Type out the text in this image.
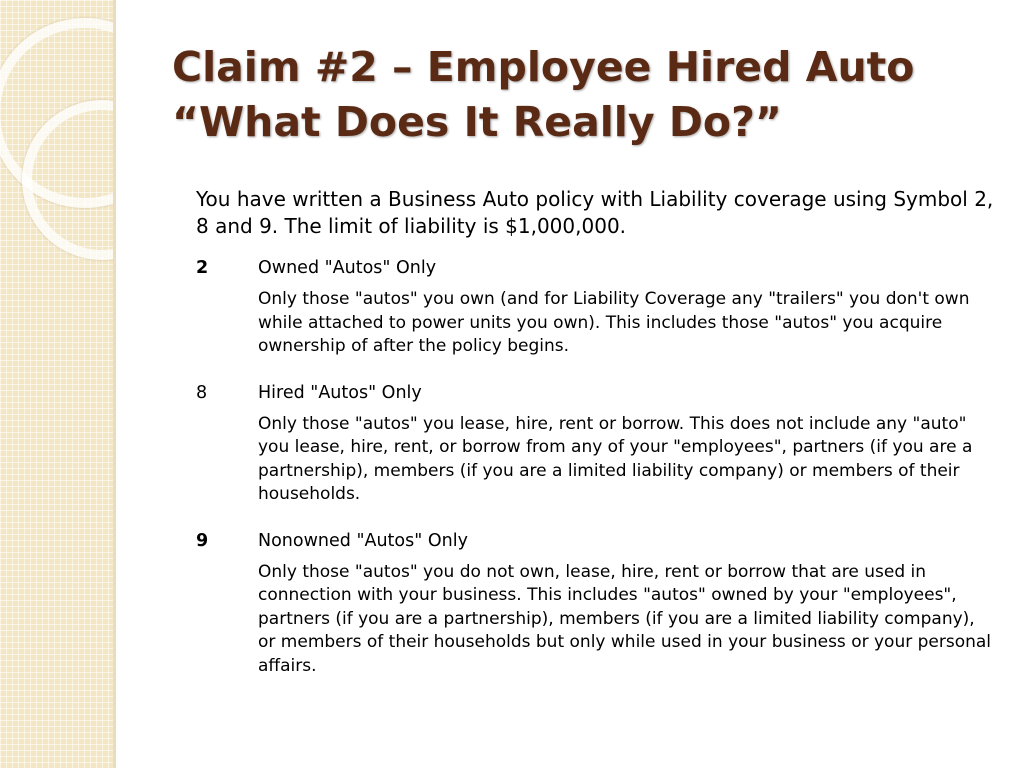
Claim #2 – Employee Hired Auto
“What Does It Really Do?”

You have written a Business Auto policy with Liability coverage using Symbol 2, 8 and 9. The limit of liability is $1,000,000.

2	Owned "Autos" Only
Only those "autos" you own (and for Liability Coverage any "trailers" you don't own while attached to power units you own). This includes those "autos" you acquire ownership of after the policy begins.
8	Hired "Autos" Only
Only those "autos" you lease, hire, rent or borrow. This does not include any "auto" you lease, hire, rent, or borrow from any of your "employees", partners (if you are a partnership), members (if you are a limited liability company) or members of their households.
9	Nonowned "Autos" Only
Only those "autos" you do not own, lease, hire, rent or borrow that are used in connection with your business. This includes "autos" owned by your "employees", partners (if you are a partnership), members (if you are a limited liability company), or members of their households but only while used in your business or your personal affairs.
